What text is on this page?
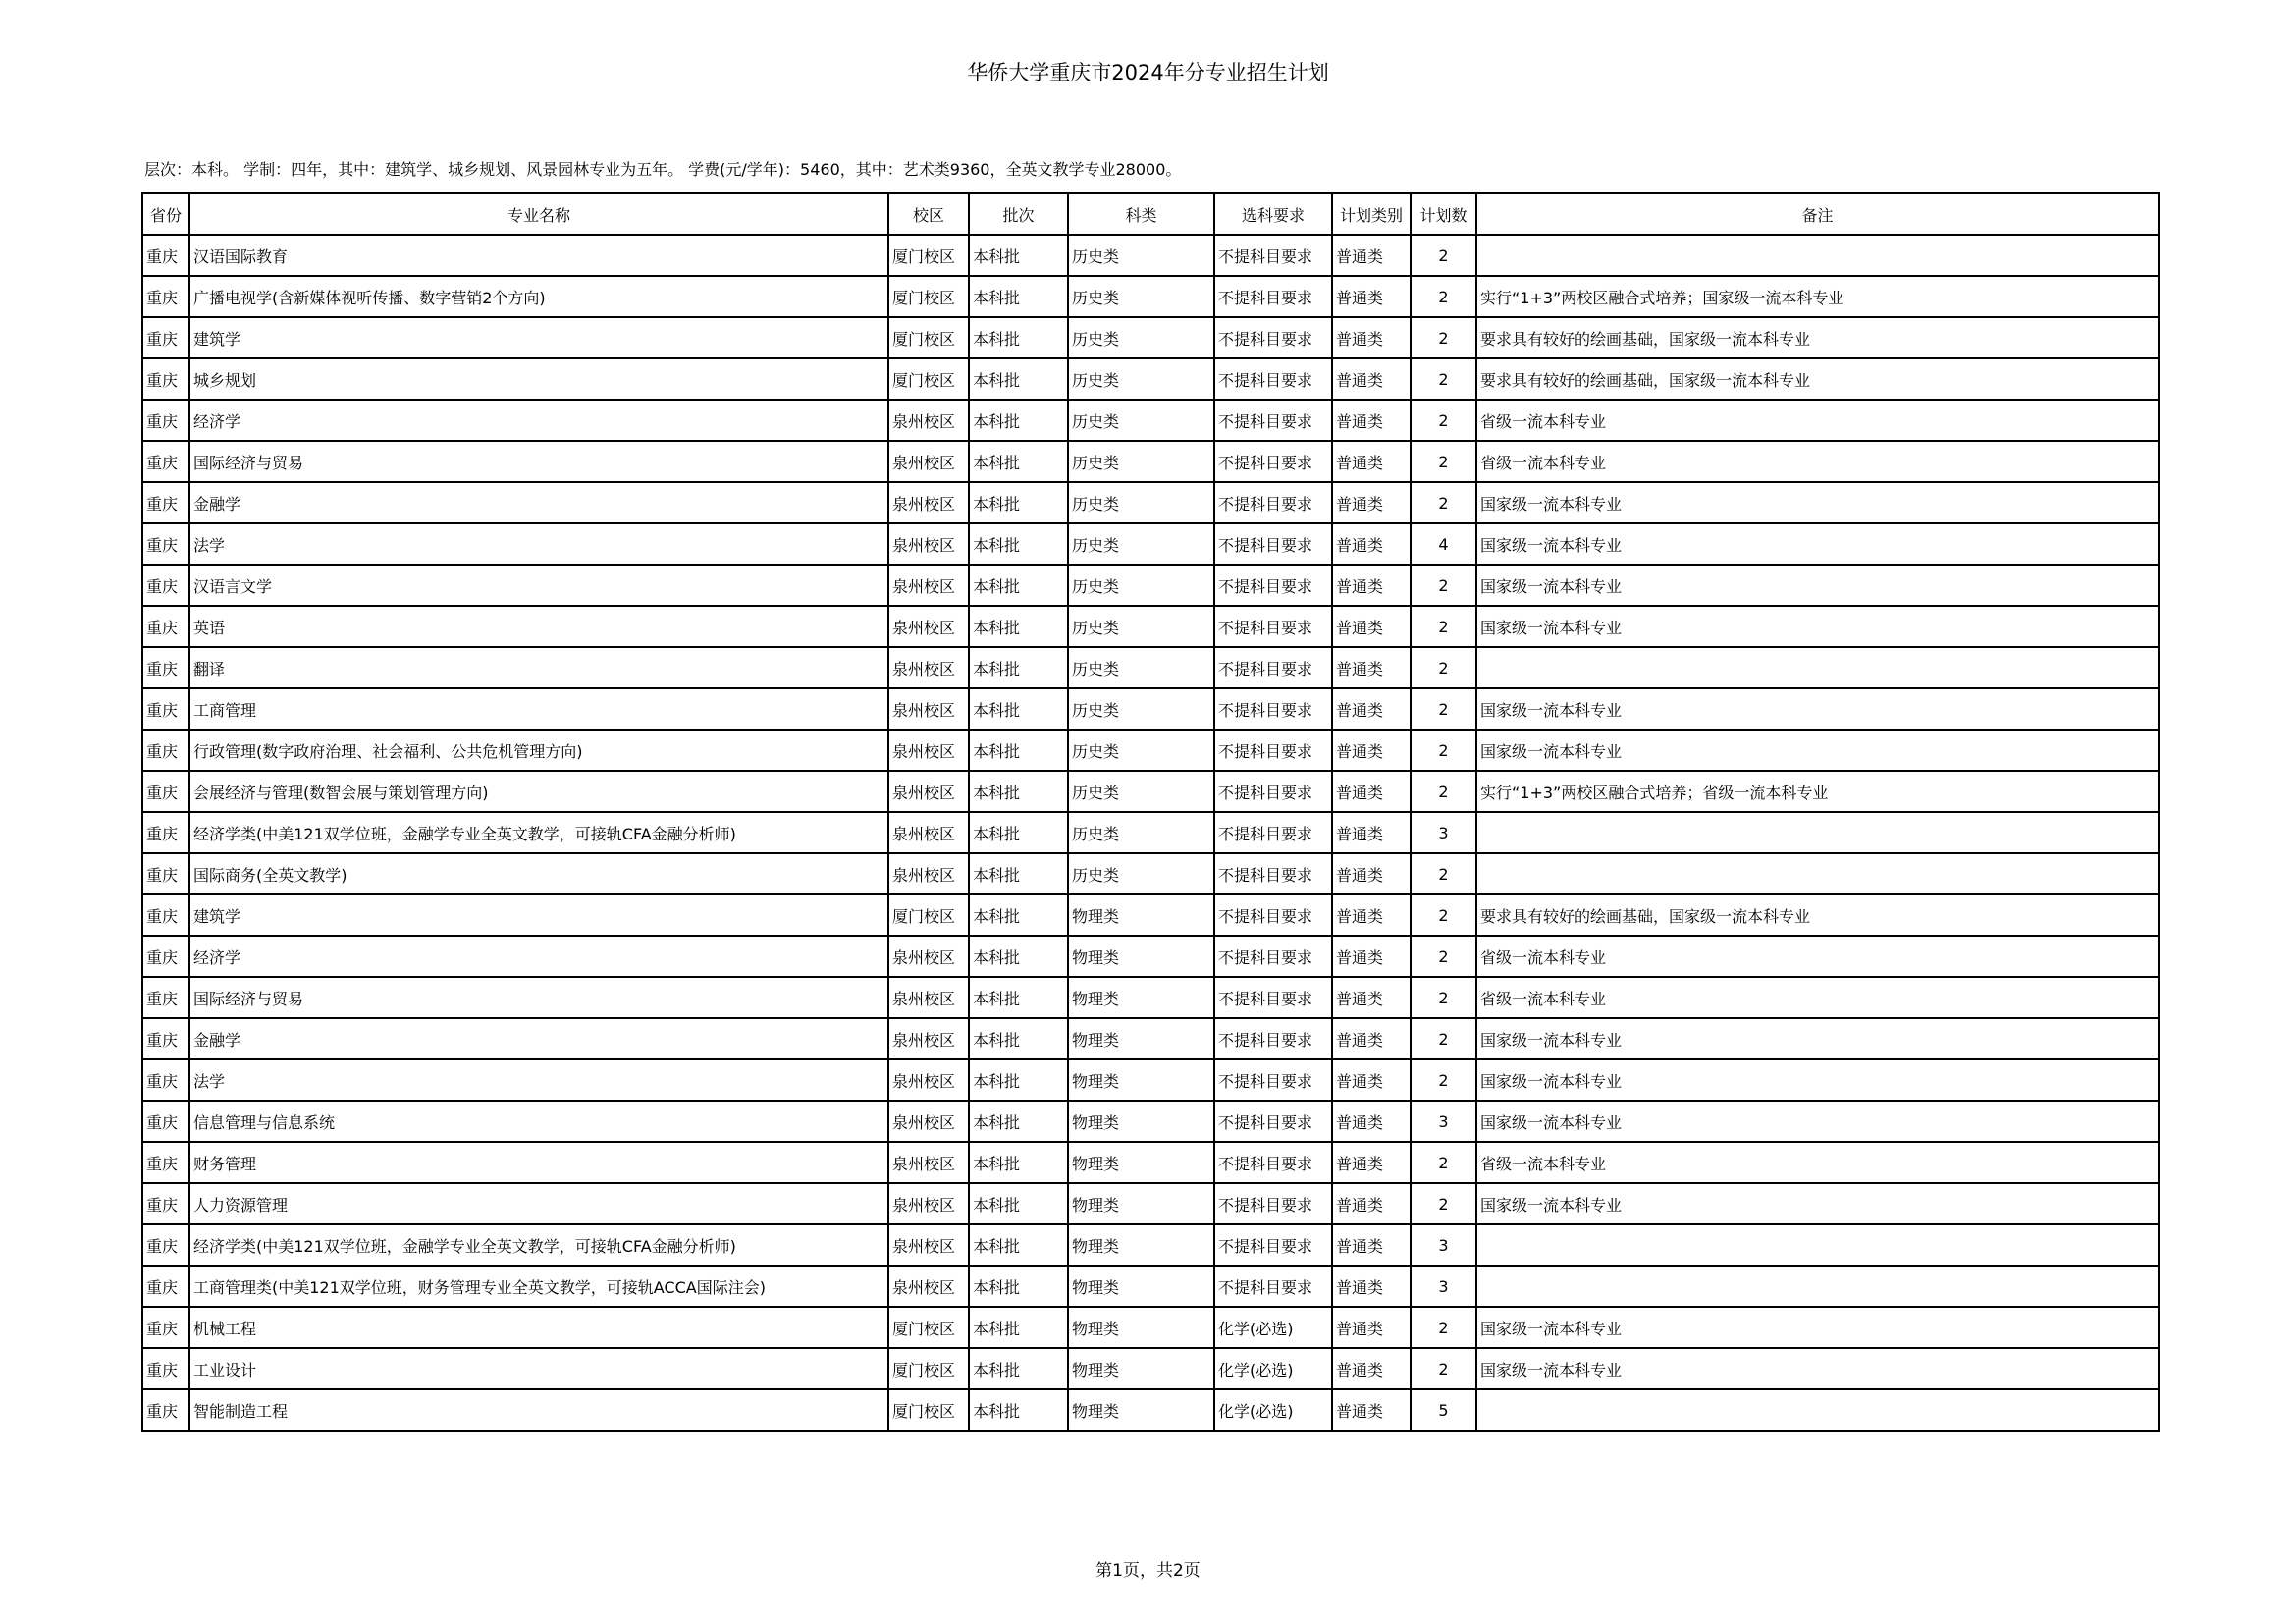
华侨大学重庆市2024年分专业招生计划
层次：本科。 学制：四年，其中：建筑学、城乡规划、风景园林专业为五年。 学费(元/学年)：5460，其中：艺术类9360，全英文教学专业28000。
省份	专业名称	校区	批次	科类	选科要求	计划类别	计划数	备注
重庆	汉语国际教育	厦门校区	本科批	历史类	不提科目要求	普通类	2	
重庆	广播电视学(含新媒体视听传播、数字营销2个方向)	厦门校区	本科批	历史类	不提科目要求	普通类	2	实行“1+3”两校区融合式培养；国家级一流本科专业
重庆	建筑学	厦门校区	本科批	历史类	不提科目要求	普通类	2	要求具有较好的绘画基础，国家级一流本科专业
重庆	城乡规划	厦门校区	本科批	历史类	不提科目要求	普通类	2	要求具有较好的绘画基础，国家级一流本科专业
重庆	经济学	泉州校区	本科批	历史类	不提科目要求	普通类	2	省级一流本科专业
重庆	国际经济与贸易	泉州校区	本科批	历史类	不提科目要求	普通类	2	省级一流本科专业
重庆	金融学	泉州校区	本科批	历史类	不提科目要求	普通类	2	国家级一流本科专业
重庆	法学	泉州校区	本科批	历史类	不提科目要求	普通类	4	国家级一流本科专业
重庆	汉语言文学	泉州校区	本科批	历史类	不提科目要求	普通类	2	国家级一流本科专业
重庆	英语	泉州校区	本科批	历史类	不提科目要求	普通类	2	国家级一流本科专业
重庆	翻译	泉州校区	本科批	历史类	不提科目要求	普通类	2	
重庆	工商管理	泉州校区	本科批	历史类	不提科目要求	普通类	2	国家级一流本科专业
重庆	行政管理(数字政府治理、社会福利、公共危机管理方向)	泉州校区	本科批	历史类	不提科目要求	普通类	2	国家级一流本科专业
重庆	会展经济与管理(数智会展与策划管理方向)	泉州校区	本科批	历史类	不提科目要求	普通类	2	实行“1+3”两校区融合式培养；省级一流本科专业
重庆	经济学类(中美121双学位班，金融学专业全英文教学，可接轨CFA金融分析师)	泉州校区	本科批	历史类	不提科目要求	普通类	3	
重庆	国际商务(全英文教学)	泉州校区	本科批	历史类	不提科目要求	普通类	2	
重庆	建筑学	厦门校区	本科批	物理类	不提科目要求	普通类	2	要求具有较好的绘画基础，国家级一流本科专业
重庆	经济学	泉州校区	本科批	物理类	不提科目要求	普通类	2	省级一流本科专业
重庆	国际经济与贸易	泉州校区	本科批	物理类	不提科目要求	普通类	2	省级一流本科专业
重庆	金融学	泉州校区	本科批	物理类	不提科目要求	普通类	2	国家级一流本科专业
重庆	法学	泉州校区	本科批	物理类	不提科目要求	普通类	2	国家级一流本科专业
重庆	信息管理与信息系统	泉州校区	本科批	物理类	不提科目要求	普通类	3	国家级一流本科专业
重庆	财务管理	泉州校区	本科批	物理类	不提科目要求	普通类	2	省级一流本科专业
重庆	人力资源管理	泉州校区	本科批	物理类	不提科目要求	普通类	2	国家级一流本科专业
重庆	经济学类(中美121双学位班，金融学专业全英文教学，可接轨CFA金融分析师)	泉州校区	本科批	物理类	不提科目要求	普通类	3	
重庆	工商管理类(中美121双学位班，财务管理专业全英文教学，可接轨ACCA国际注会)	泉州校区	本科批	物理类	不提科目要求	普通类	3	
重庆	机械工程	厦门校区	本科批	物理类	化学(必选)	普通类	2	国家级一流本科专业
重庆	工业设计	厦门校区	本科批	物理类	化学(必选)	普通类	2	国家级一流本科专业
重庆	智能制造工程	厦门校区	本科批	物理类	化学(必选)	普通类	5	
第1页，共2页
